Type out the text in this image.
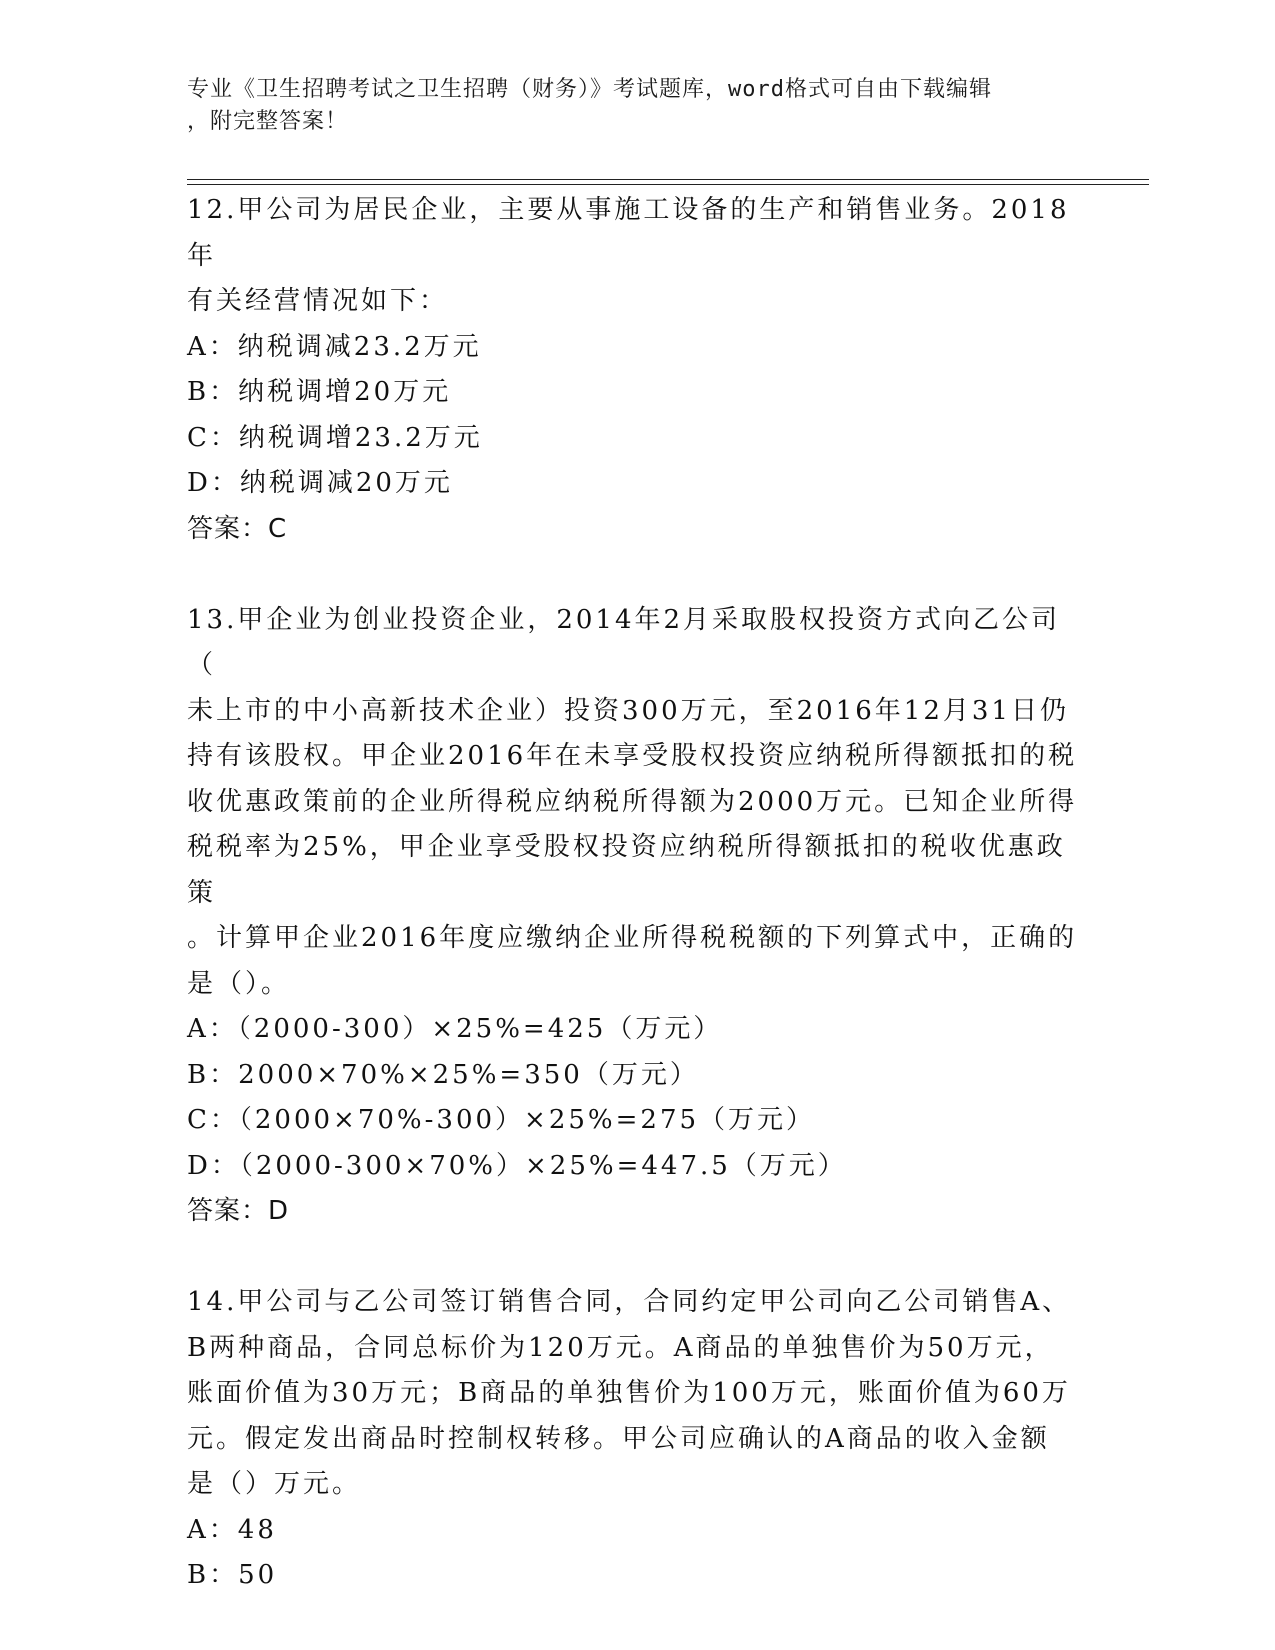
专业《卫生招聘考试之卫生招聘（财务）》考试题库，word格式可自由下载编辑
，附完整答案！

12.甲公司为居民企业，主要从事施工设备的生产和销售业务。2018年

有关经营情况如下：

A：纳税调减23.2万元

B：纳税调增20万元

C：纳税调增23.2万元

D：纳税调减20万元

答案：C

13.甲企业为创业投资企业，2014年2月采取股权投资方式向乙公司（

未上市的中小高新技术企业）投资300万元，至2016年12月31日仍

持有该股权。甲企业2016年在未享受股权投资应纳税所得额抵扣的税

收优惠政策前的企业所得税应纳税所得额为2000万元。已知企业所得

税税率为25%，甲企业享受股权投资应纳税所得额抵扣的税收优惠政策

。计算甲企业2016年度应缴纳企业所得税税额的下列算式中，正确的

是（）。

A：（2000-300）×25%=425（万元）

B：2000×70%×25%=350（万元）

C：（2000×70%-300）×25%=275（万元）

D：（2000-300×70%）×25%=447.5（万元）

答案：D

14.甲公司与乙公司签订销售合同，合同约定甲公司向乙公司销售A、

B两种商品，合同总标价为120万元。A商品的单独售价为50万元，

账面价值为30万元；B商品的单独售价为100万元，账面价值为60万

元。假定发出商品时控制权转移。甲公司应确认的A商品的收入金额

是（）万元。

A：48

B：50
